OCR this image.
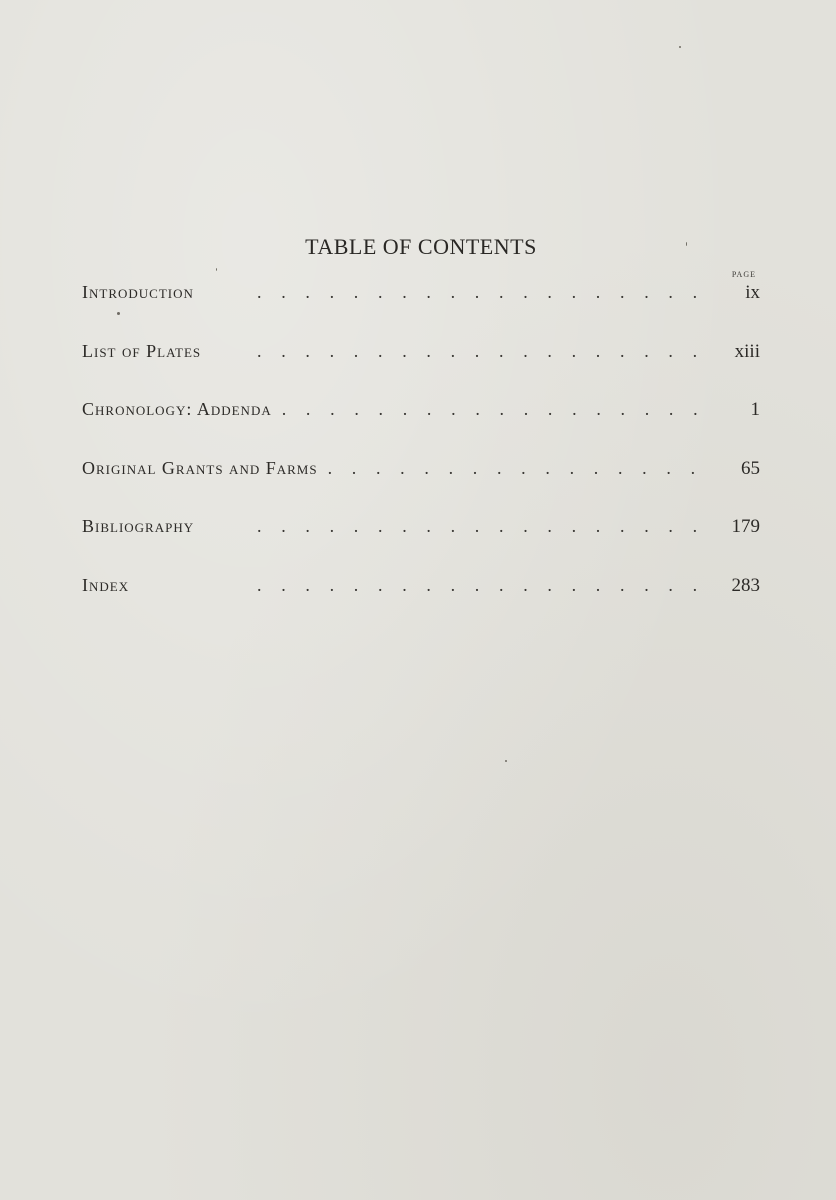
TABLE OF CONTENTS
PAGE
Introduction . . .	ix
List of Plates . . .	xiii
Chronology: Addenda . . .	1
Original Grants and Farms . . .	65
Bibliography . . .	179
Index . . .	283
